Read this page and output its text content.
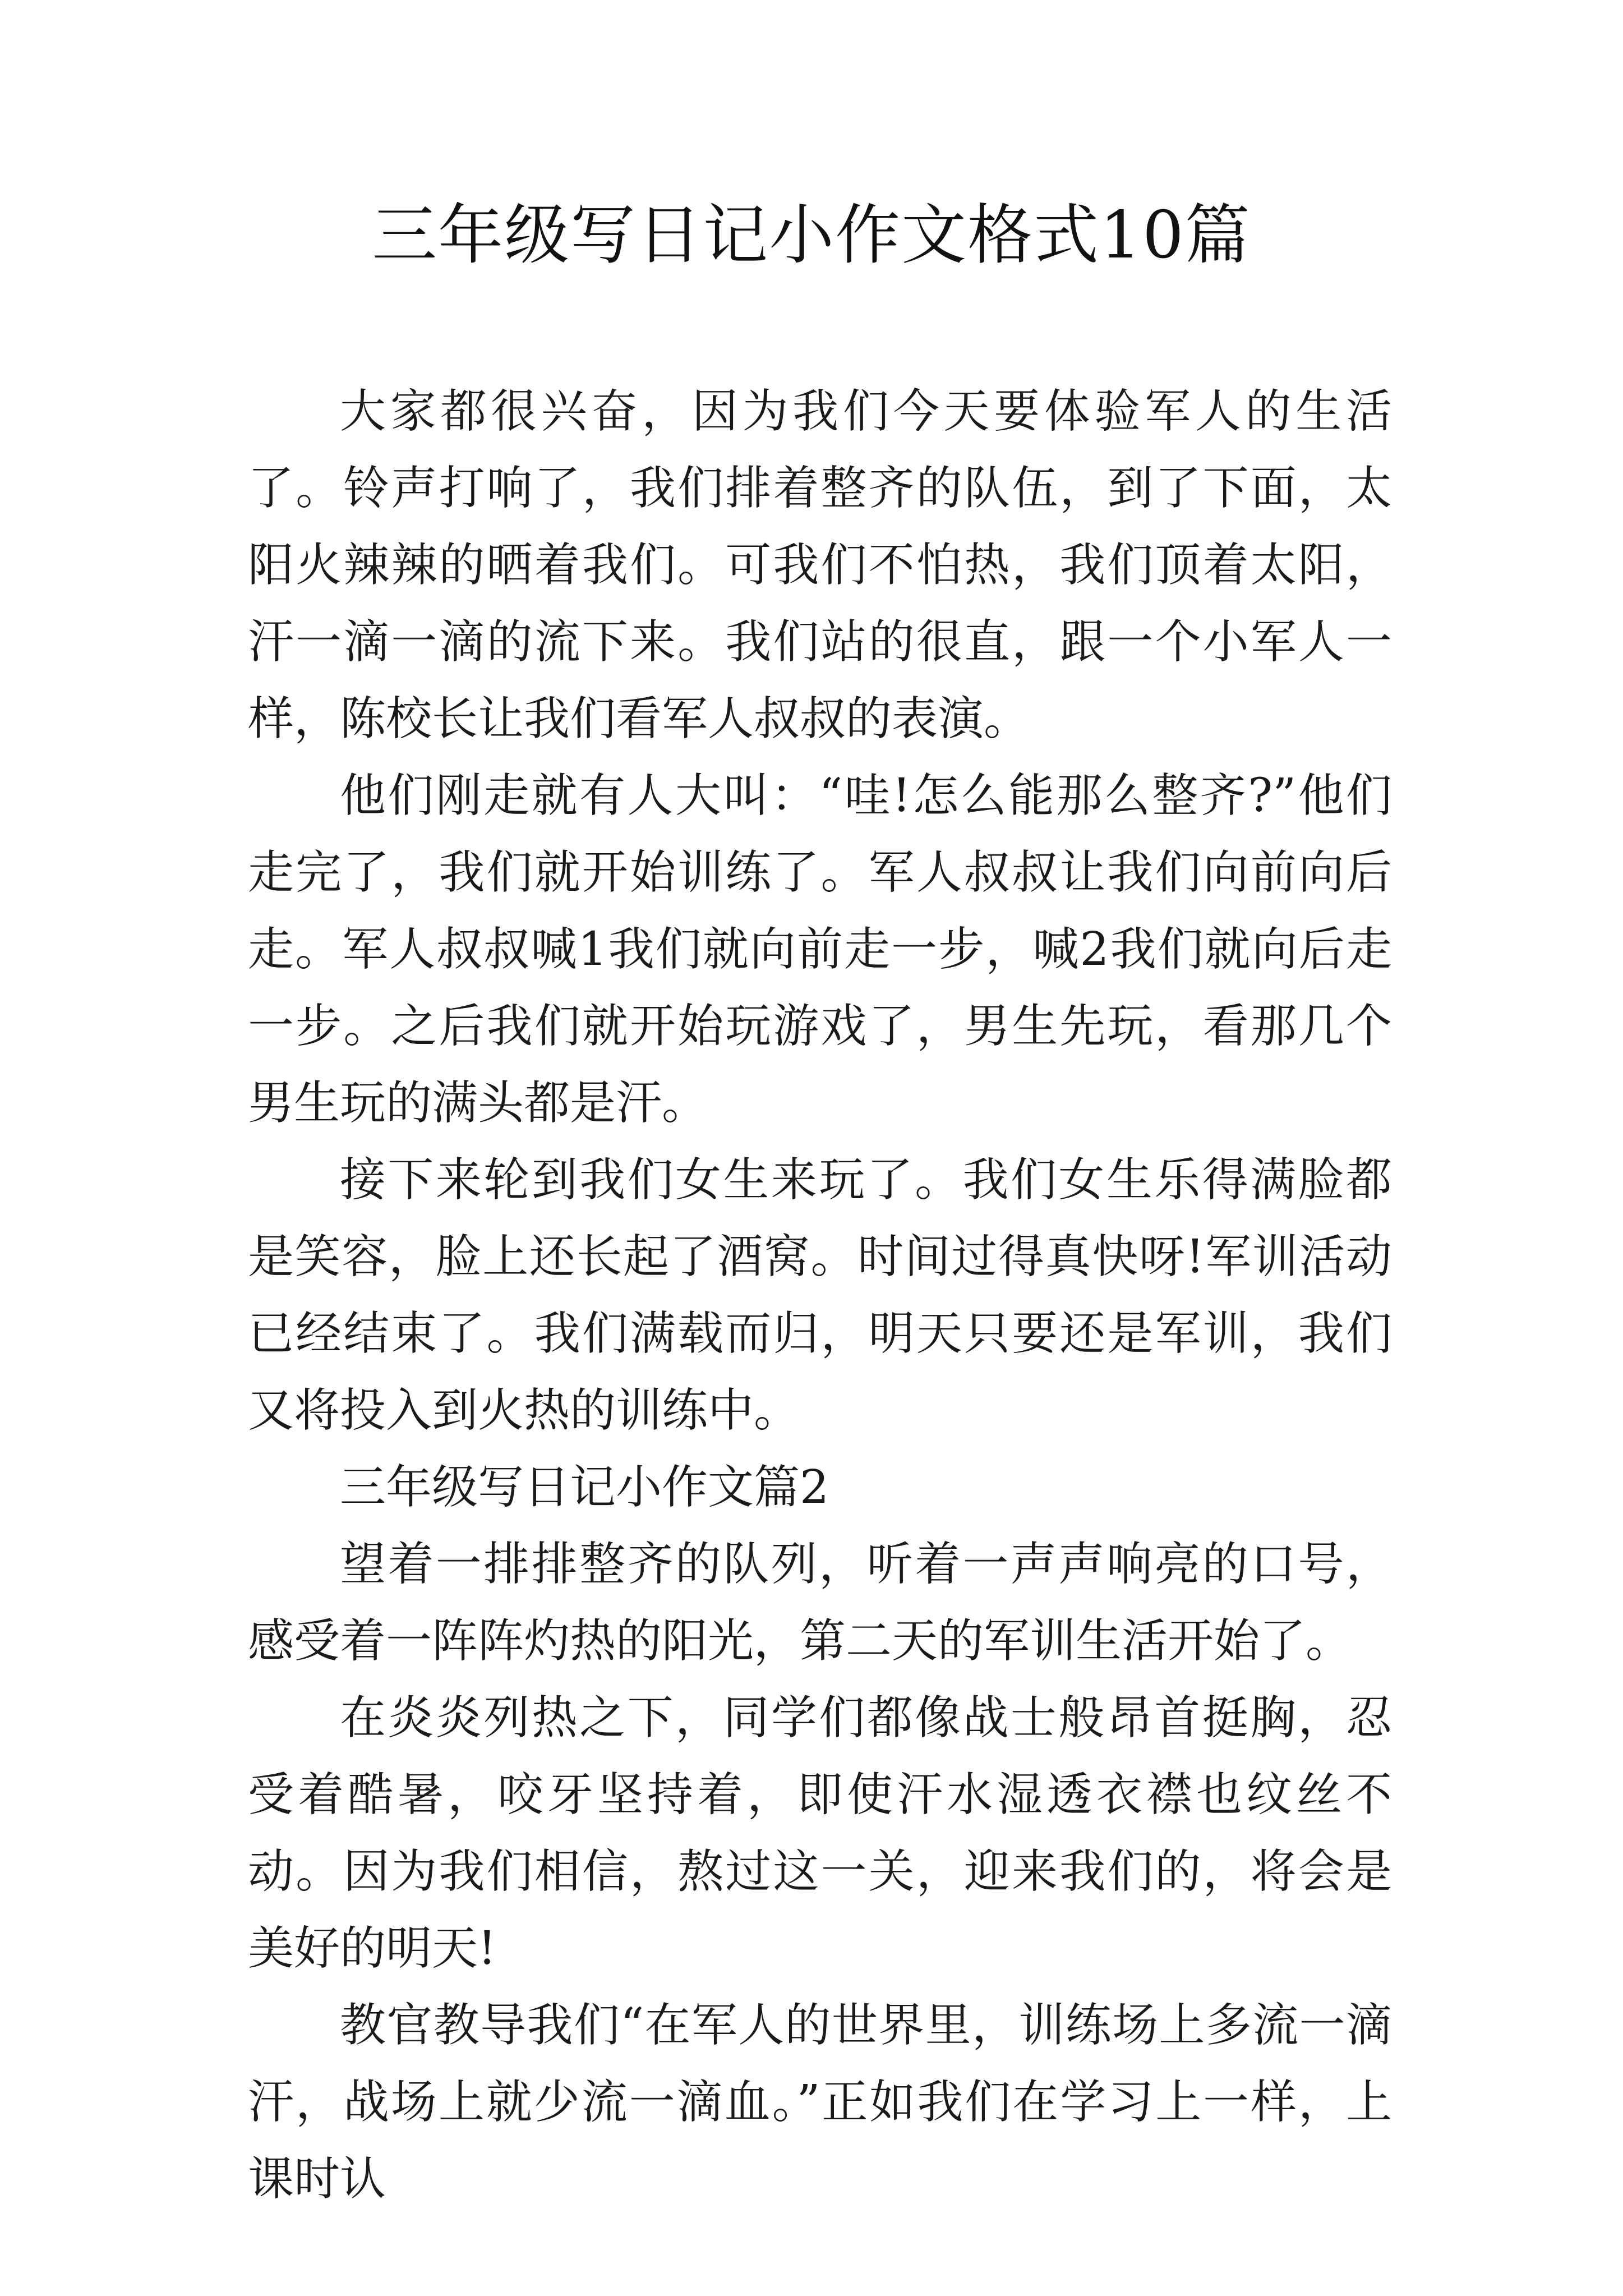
三年级写日记小作文格式10篇

大家都很兴奋，因为我们今天要体验军人的生活了。铃声打响了，我们排着整齐的队伍，到了下面，太阳火辣辣的晒着我们。可我们不怕热，我们顶着太阳，汗一滴一滴的流下来。我们站的很直，跟一个小军人一样，陈校长让我们看军人叔叔的表演。

他们刚走就有人大叫：“哇!怎么能那么整齐?”他们走完了，我们就开始训练了。军人叔叔让我们向前向后走。军人叔叔喊1我们就向前走一步，喊2我们就向后走一步。之后我们就开始玩游戏了，男生先玩，看那几个男生玩的满头都是汗。

接下来轮到我们女生来玩了。我们女生乐得满脸都是笑容，脸上还长起了酒窝。时间过得真快呀!军训活动已经结束了。我们满载而归，明天只要还是军训，我们又将投入到火热的训练中。

三年级写日记小作文篇2

望着一排排整齐的队列，听着一声声响亮的口号，感受着一阵阵灼热的阳光，第二天的军训生活开始了。

在炎炎列热之下，同学们都像战士般昂首挺胸，忍受着酷暑，咬牙坚持着，即使汗水湿透衣襟也纹丝不动。因为我们相信，熬过这一关，迎来我们的，将会是美好的明天!

教官教导我们“在军人的世界里，训练场上多流一滴汗，战场上就少流一滴血。”正如我们在学习上一样，上课时认
